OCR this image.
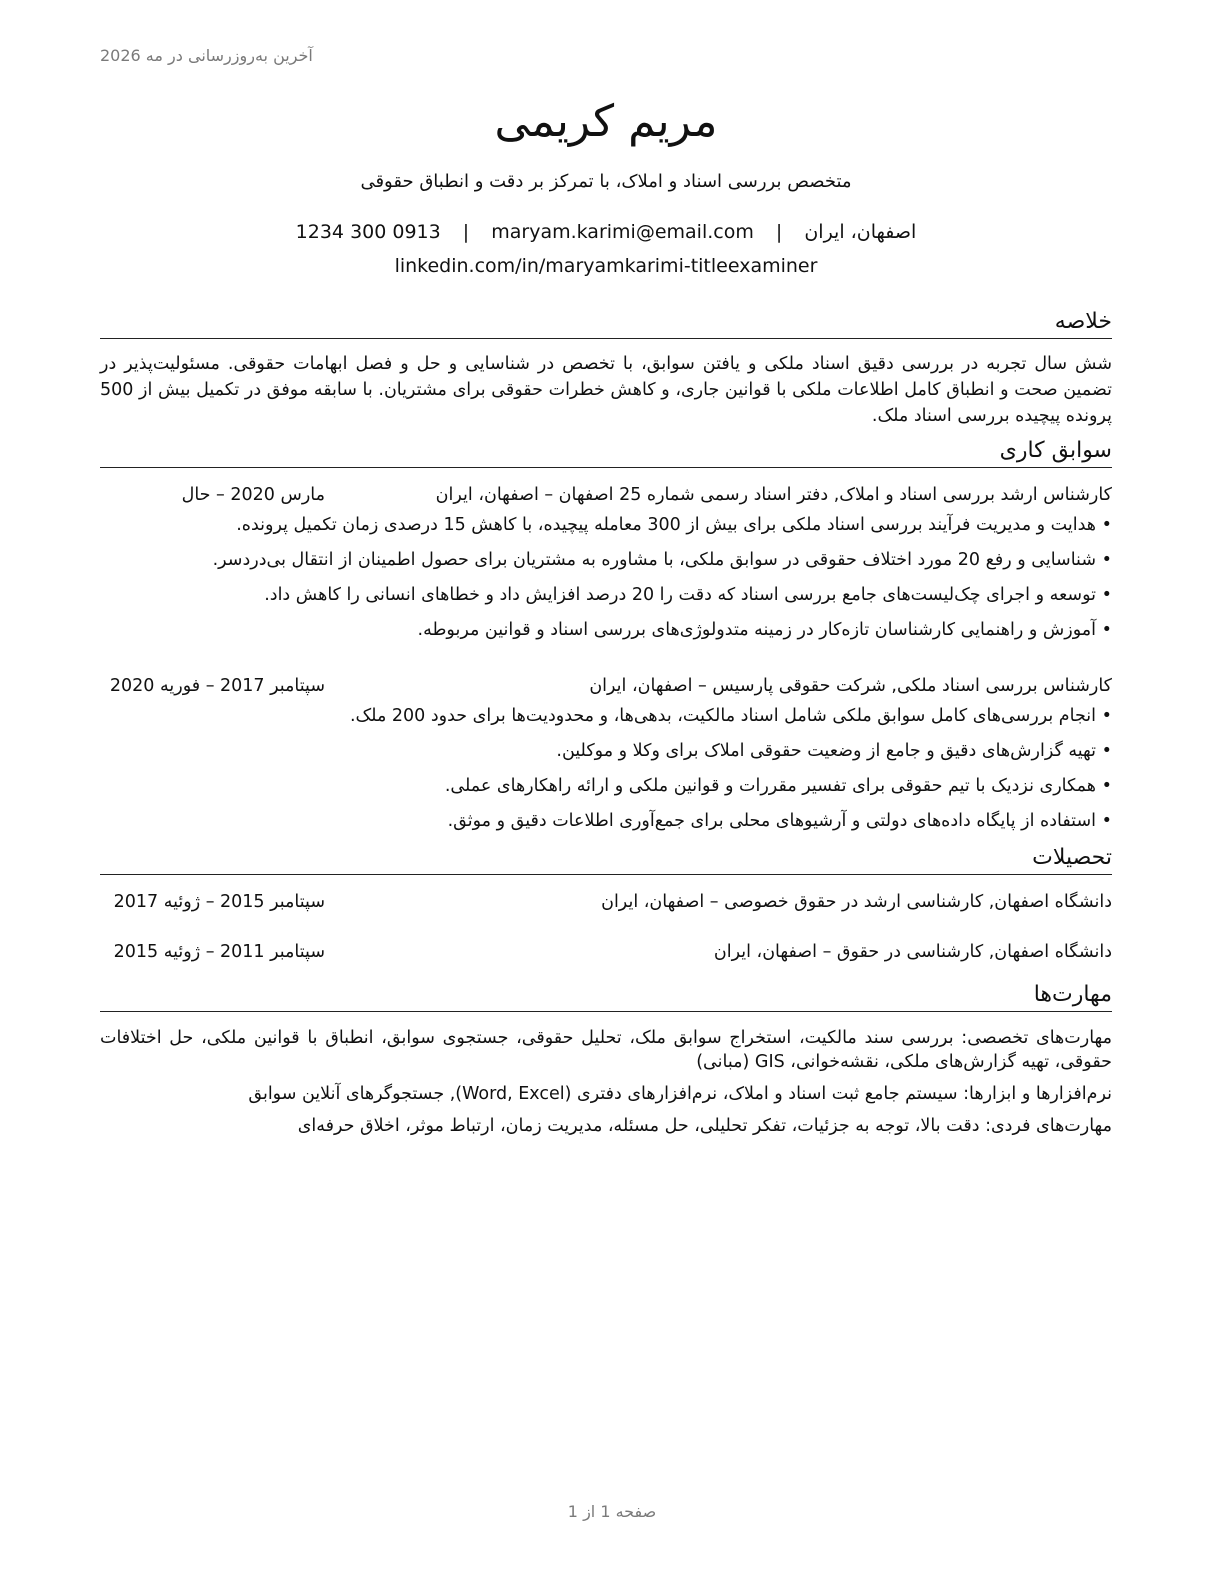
آخرین به‌روزرسانی در مه 2026
مریم کریمی
متخصص بررسی اسناد و املاک، با تمرکز بر دقت و انطباق حقوقی
اصفهان، ایران | maryam.karimi@email.com | 1234 300 0913
linkedin.com/in/maryamkarimi-titleexaminer
خلاصه
شش سال تجربه در بررسی دقیق اسناد ملکی و یافتن سوابق، با تخصص در شناسایی و حل و فصل ابهامات حقوقی. مسئولیت‌پذیر در تضمین صحت و انطباق کامل اطلاعات ملکی با قوانین جاری، و کاهش خطرات حقوقی برای مشتریان. با سابقه موفق در تکمیل بیش از 500 پرونده پیچیده بررسی اسناد ملک.
سوابق کاری
کارشناس ارشد بررسی اسناد و املاک, دفتر اسناد رسمی شماره 25 اصفهان – اصفهان، ایران
مارس 2020 – حال
• هدایت و مدیریت فرآیند بررسی اسناد ملکی برای بیش از 300 معامله پیچیده، با کاهش 15 درصدی زمان تکمیل پرونده.
• شناسایی و رفع 20 مورد اختلاف حقوقی در سوابق ملکی، با مشاوره به مشتریان برای حصول اطمینان از انتقال بی‌دردسر.
• توسعه و اجرای چک‌لیست‌های جامع بررسی اسناد که دقت را 20 درصد افزایش داد و خطاهای انسانی را کاهش داد.
• آموزش و راهنمایی کارشناسان تازه‌کار در زمینه متدولوژی‌های بررسی اسناد و قوانین مربوطه.
کارشناس بررسی اسناد ملکی, شرکت حقوقی پارسیس – اصفهان، ایران
سپتامبر 2017 – فوریه 2020
• انجام بررسی‌های کامل سوابق ملکی شامل اسناد مالکیت، بدهی‌ها، و محدودیت‌ها برای حدود 200 ملک.
• تهیه گزارش‌های دقیق و جامع از وضعیت حقوقی املاک برای وکلا و موکلین.
• همکاری نزدیک با تیم حقوقی برای تفسیر مقررات و قوانین ملکی و ارائه راهکارهای عملی.
• استفاده از پایگاه داده‌های دولتی و آرشیوهای محلی برای جمع‌آوری اطلاعات دقیق و موثق.
تحصیلات
دانشگاه اصفهان, کارشناسی ارشد در حقوق خصوصی – اصفهان، ایران
سپتامبر 2015 – ژوئیه 2017
دانشگاه اصفهان, کارشناسی در حقوق – اصفهان، ایران
سپتامبر 2011 – ژوئیه 2015
مهارت‌ها
مهارت‌های تخصصی: بررسی سند مالکیت، استخراج سوابق ملک، تحلیل حقوقی، جستجوی سوابق، انطباق با قوانین ملکی، حل اختلافات حقوقی، تهیه گزارش‌های ملکی، نقشه‌خوانی، GIS (مبانی)
نرم‌افزارها و ابزارها: سیستم جامع ثبت اسناد و املاک، نرم‌افزارهای دفتری (Word, Excel), جستجوگرهای آنلاین سوابق
مهارت‌های فردی: دقت بالا، توجه به جزئیات، تفکر تحلیلی، حل مسئله، مدیریت زمان، ارتباط موثر، اخلاق حرفه‌ای
صفحه 1 از 1
